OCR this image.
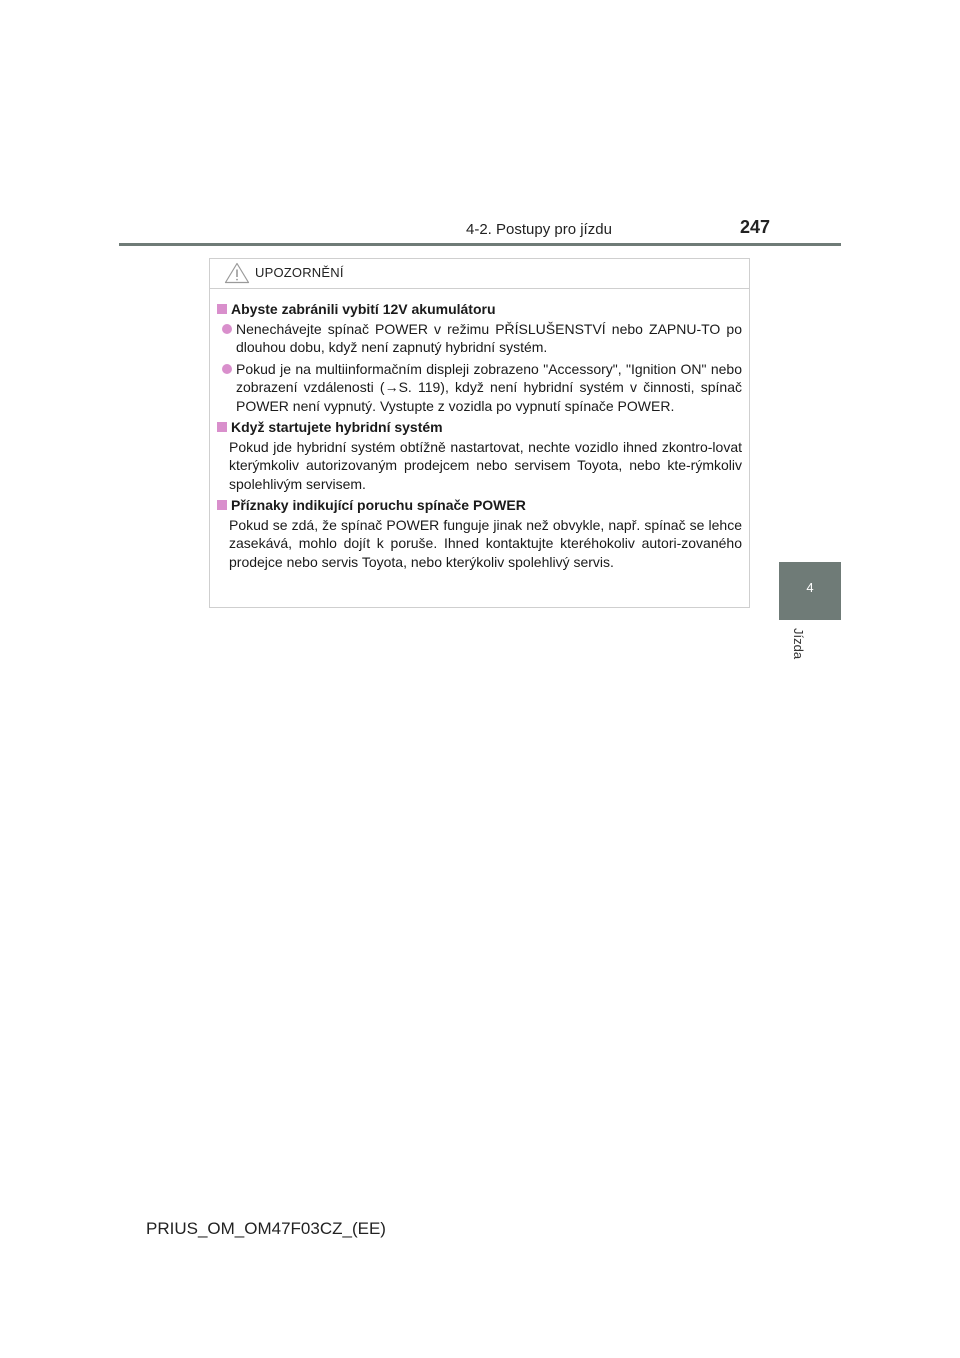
4-2. Postupy pro jízdu	247
4
Jízda
UPOZORNĚNÍ
Abyste zabránili vybití 12V akumulátoru
Nenechávejte spínač POWER v režimu PŘÍSLUŠENSTVÍ nebo ZAPNU-TO po dlouhou dobu, když není zapnutý hybridní systém.
Pokud je na multiinformačním displeji zobrazeno "Accessory", "Ignition ON" nebo zobrazení vzdálenosti (→S. 119), když není hybridní systém v činnosti, spínač POWER není vypnutý. Vystupte z vozidla po vypnutí spínače POWER.
Když startujete hybridní systém
Pokud jde hybridní systém obtížně nastartovat, nechte vozidlo ihned zkontro-lovat kterýmkoliv autorizovaným prodejcem nebo servisem Toyota, nebo kte-rýmkoliv spolehlivým servisem.
Příznaky indikující poruchu spínače POWER
Pokud se zdá, že spínač POWER funguje jinak než obvykle, např. spínač se lehce zasekává, mohlo dojít k poruše. Ihned kontaktujte kteréhokoliv autori-zovaného prodejce nebo servis Toyota, nebo kterýkoliv spolehlivý servis.
PRIUS_OM_OM47F03CZ_(EE)
